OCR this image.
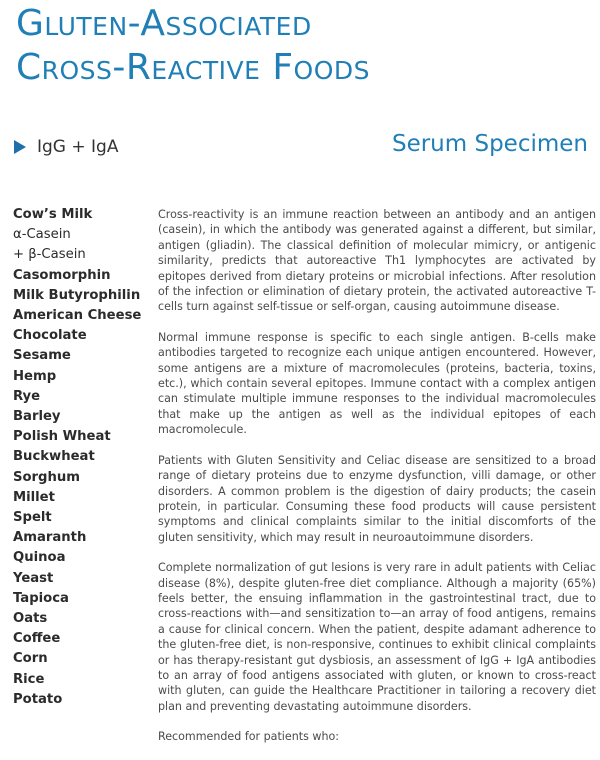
Gluten-Associated
Cross-Reactive Foods
IgG + IgA	Serum Specimen
Cow’s Milk
α-Casein
+ β-Casein
Casomorphin
Milk Butyrophilin
American Cheese
Chocolate
Sesame
Hemp
Rye
Barley
Polish Wheat
Buckwheat
Sorghum
Millet
Spelt
Amaranth
Quinoa
Yeast
Tapioca
Oats
Coffee
Corn
Rice
Potato

Cross-reactivity is an immune reaction between an antibody and an antigen (casein), in which the antibody was generated against a different, but similar, antigen (gliadin). The classical definition of molecular mimicry, or antigenic similarity, predicts that autoreactive Th1 lymphocytes are activated by epitopes derived from dietary proteins or microbial infections. After resolution of the infection or elimination of dietary protein, the activated autoreactive T-cells turn against self-tissue or self-organ, causing autoimmune disease.

Normal immune response is specific to each single antigen. B-cells make antibodies targeted to recognize each unique antigen encountered. However, some antigens are a mixture of macromolecules (proteins, bacteria, toxins, etc.), which contain several epitopes. Immune contact with a complex antigen can stimulate multiple immune responses to the individual macromolecules that make up the antigen as well as the individual epitopes of each macromolecule.

Patients with Gluten Sensitivity and Celiac disease are sensitized to a broad range of dietary proteins due to enzyme dysfunction, villi damage, or other disorders. A common problem is the digestion of dairy products; the casein protein, in particular. Consuming these food products will cause persistent symptoms and clinical complaints similar to the initial discomforts of the gluten sensitivity, which may result in neuroautoimmune disorders.

Complete normalization of gut lesions is very rare in adult patients with Celiac disease (8%), despite gluten-free diet compliance. Although a majority (65%) feels better, the ensuing inflammation in the gastrointestinal tract, due to cross-reactions with—and sensitization to—an array of food antigens, remains a cause for clinical concern. When the patient, despite adamant adherence to the gluten-free diet, is non-responsive, continues to exhibit clinical complaints or has therapy-resistant gut dysbiosis, an assessment of IgG + IgA antibodies to an array of food antigens associated with gluten, or known to cross-react with gluten, can guide the Healthcare Practitioner in tailoring a recovery diet plan and preventing devastating autoimmune disorders.

Recommended for patients who:
